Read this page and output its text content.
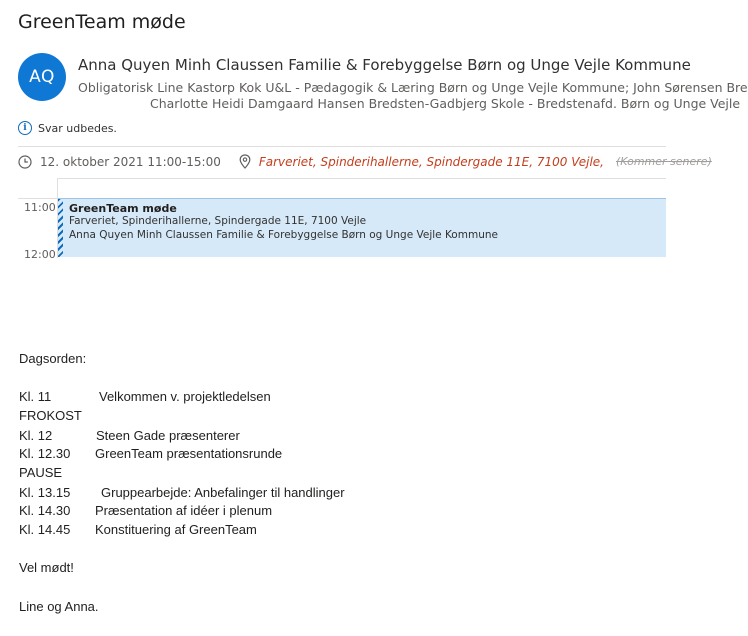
GreenTeam møde
AQ
Anna Quyen Minh Claussen Familie & Forebyggelse Børn og Unge Vejle Kommune
Obligatorisk Line Kastorp Kok U&L - Pædagogik & Læring Børn og Unge Vejle Kommune; John Sørensen Bre
Charlotte Heidi Damgaard Hansen Bredsten-Gadbjerg Skole - Bredstenafd. Børn og Unge Vejle
i	Svar udbedes.
12. oktober 2021 11:00-15:00	Farveriet, Spinderihallerne, Spindergade 11E, 7100 Vejle, (Kommer senere)
11:00
12:00
GreenTeam møde
Farveriet, Spinderihallerne, Spindergade 11E, 7100 Vejle
Anna Quyen Minh Claussen Familie & Forebyggelse Børn og Unge Vejle Kommune
Dagsorden:
Kl. 11	Velkommen v. projektledelsen
FROKOST
Kl. 12	Steen Gade præsenterer
Kl. 12.30 GreenTeam præsentationsrunde
PAUSE
Kl. 13.15 Gruppearbejde: Anbefalinger til handlinger
Kl. 14.30 Præsentation af idéer i plenum
Kl. 14.45 Konstituering af GreenTeam
Vel mødt!
Line og Anna.
